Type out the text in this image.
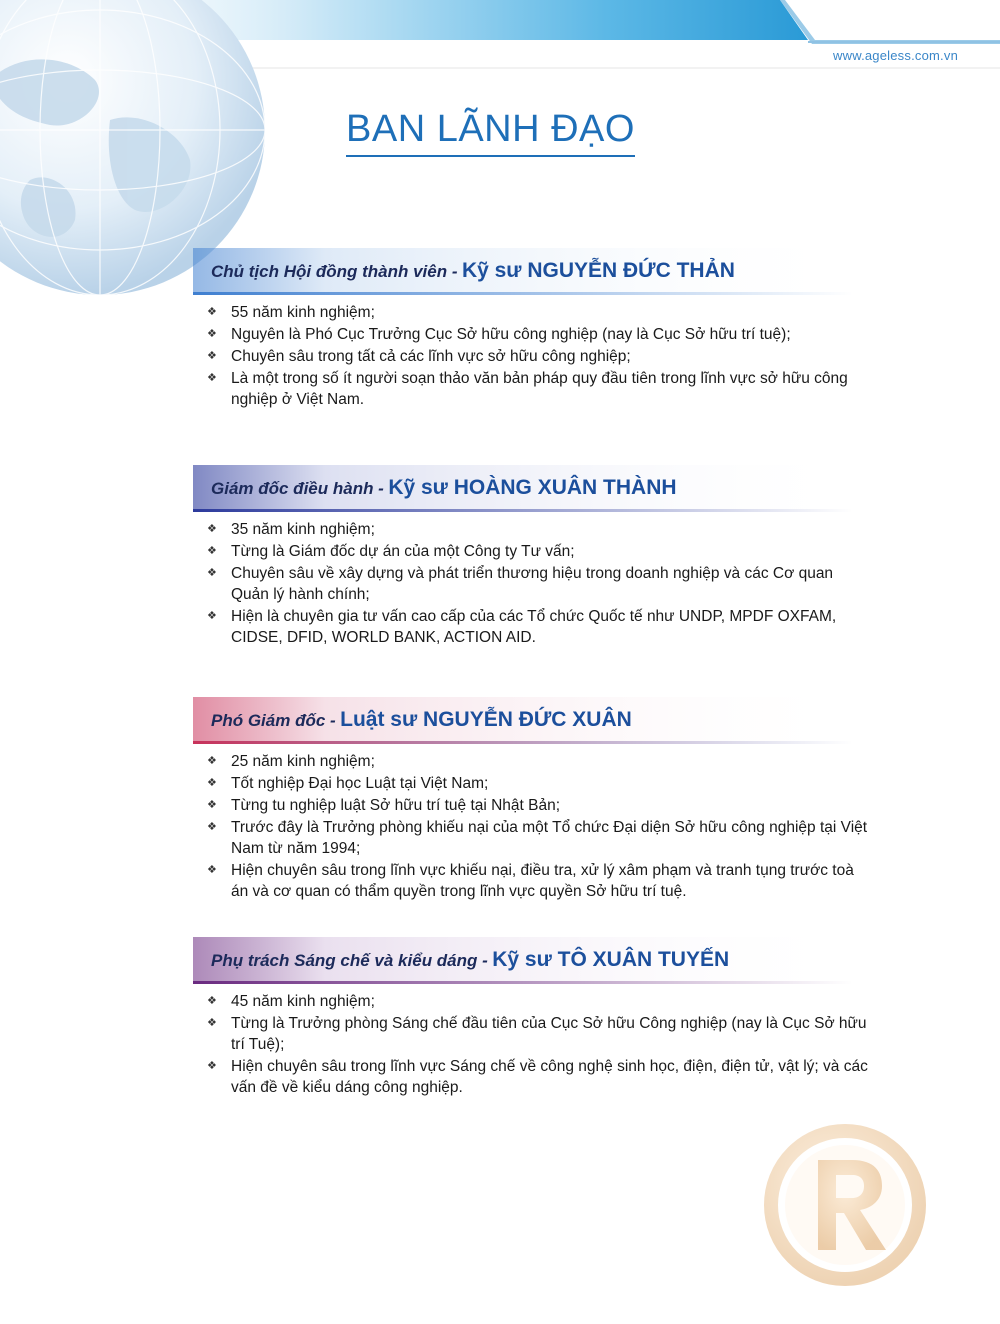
www.ageless.com.vn
BAN LÃNH ĐẠO
Chủ tịch Hội đồng thành viên - Kỹ sư NGUYỄN ĐỨC THẢN
❖ 55 năm kinh nghiệm;
❖ Nguyên là Phó Cục Trưởng Cục Sở hữu công nghiệp (nay là Cục Sở hữu trí tuệ);
❖ Chuyên sâu trong tất cả các lĩnh vực sở hữu công nghiệp;
❖ Là một trong số ít người soạn thảo văn bản pháp quy đầu tiên trong lĩnh vực sở hữu công nghiệp ở Việt Nam.
Giám đốc điều hành - Kỹ sư HOÀNG XUÂN THÀNH
❖ 35 năm kinh nghiệm;
❖ Từng là Giám đốc dự án của một Công ty Tư vấn;
❖ Chuyên sâu về xây dựng và phát triển thương hiệu trong doanh nghiệp và các Cơ quan Quản lý hành chính;
❖ Hiện là chuyên gia tư vấn cao cấp của các Tổ chức Quốc tế như UNDP, MPDF OXFAM, CIDSE, DFID, WORLD BANK, ACTION AID.
Phó Giám đốc - Luật sư NGUYỄN ĐỨC XUÂN
❖ 25 năm kinh nghiệm;
❖ Tốt nghiệp Đại học Luật tại Việt Nam;
❖ Từng tu nghiệp luật Sở hữu trí tuệ tại Nhật Bản;
❖ Trước đây là Trưởng phòng khiếu nại của một Tổ chức Đại diện Sở hữu công nghiệp tại Việt Nam từ năm 1994;
❖ Hiện chuyên sâu trong lĩnh vực khiếu nại, điều tra, xử lý xâm phạm và tranh tụng trước toà án và cơ quan có thẩm quyền trong lĩnh vực quyền Sở hữu trí tuệ.
Phụ trách Sáng chế và kiểu dáng - Kỹ sư TÔ XUÂN TUYẾN
❖ 45 năm kinh nghiệm;
❖ Từng là Trưởng phòng Sáng chế đầu tiên của Cục Sở hữu Công nghiệp (nay là Cục Sở hữu trí Tuệ);
❖ Hiện chuyên sâu trong lĩnh vực Sáng chế về công nghệ sinh học, điện, điện tử, vật lý; và các vấn đề về kiểu dáng công nghiệp.
